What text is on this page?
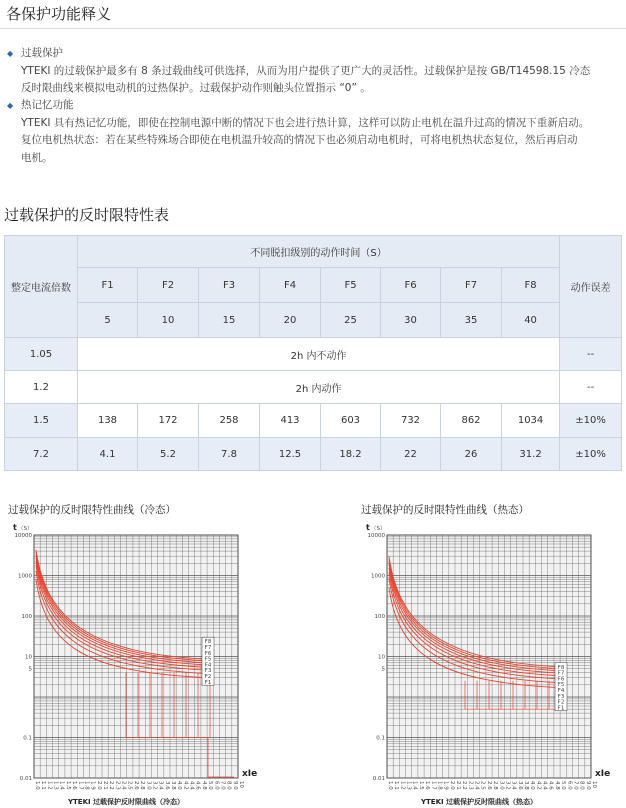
各保护功能释义
◆ 过载保护
YTEKI 的过载保护最多有 8 条过载曲线可供选择，从而为用户提供了更广大的灵活性。过载保护是按 GB/T14598.15 冷态
反时限曲线来模拟电动机的过热保护。过载保护动作则触头位置指示 “0” 。
◆ 热记忆功能
YTEKI 具有热记忆功能，即使在控制电源中断的情况下也会进行热计算，这样可以防止电机在温升过高的情况下重新启动。
复位电机热状态：若在某些特殊场合即使在电机温升较高的情况下也必须启动电机时，可将电机热状态复位，然后再启动
电机。
过载保护的反时限特性表
整定电流倍数	不同脱扣级别的动作时间（S）								动作误差
	F1	F2	F3	F4	F5	F6	F7	F8	
	5	10	15	20	25	30	35	40	
1.05	2h 内不动作								--
1.2	2h 内动作								--
1.5	138	172	258	413	603	732	862	1034	±10%
7.2	4.1	5.2	7.8	12.5	18.2	22	26	31.2	±10%
过载保护的反时限特性曲线（冷态）	过载保护的反时限特性曲线（热态）
10000
1000
100
10
5
0.1
0.01
1.0 1.1 1.2 1.3 1.4 1.5 1.6 1.7 1.8 1.9 2.0 2.1 2.2 2.3 2.4 2.5 2.6 2.8 3.0 3.2 3.4 3.6 3.8 4.0 4.2 4.4 4.6 4.8 5.0 6.0 7.0 8.0 9.0 10
t （S）
xIe
YTEKI 过载保护反时限曲线（冷态）
F8
F7
F6
F5
F4
F3
F2
F1
10000
1000
100
10
5
0.1
0.01
1.0 1.1 1.2 1.3 1.4 1.5 1.6 1.7 1.8 1.9 2.0 2.1 2.2 2.3 2.4 2.5 2.6 2.8 3.0 3.2 3.4 3.6 3.8 4.0 4.2 4.4 4.6 4.8 5.0 6.0 7.0 8.0 9.0 10
t （S）
xIe
YTEKI 过载保护反时限曲线（热态）
F8
F7
F6
F5
F4
F3
F2
F1
